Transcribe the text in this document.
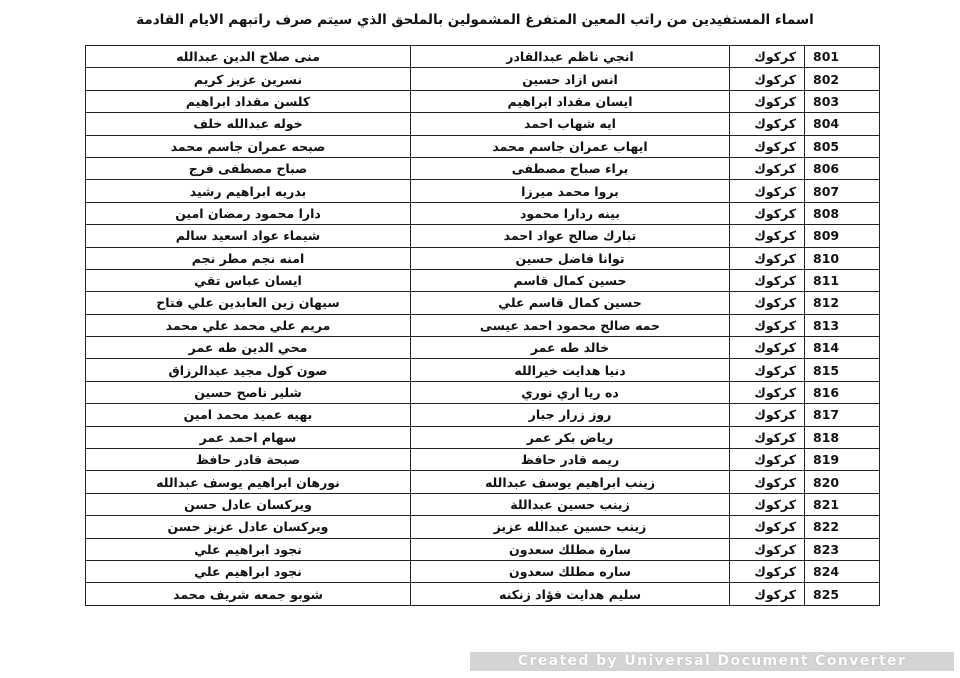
اسماء المستفيدين من راتب المعين المتفرغ المشمولين بالملحق الذي سيتم صرف راتبهم الايام القادمة
801	كركوك	انجي ناظم عبدالقادر	منى صلاح الدين عبدالله
802	كركوك	انس ازاد حسين	نسرين عزيز كريم
803	كركوك	ايسان مقداد ابراهيم	كلسن مقداد ابراهيم
804	كركوك	ايه شهاب احمد	خوله عبدالله خلف
805	كركوك	ايهاب عمران جاسم محمد	صبحه عمران جاسم محمد
806	كركوك	براء صباح مصطفى	صباح مصطفى فرج
807	كركوك	بروا محمد ميرزا	بدريه ابراهيم رشيد
808	كركوك	بينه ردارا محمود	دارا محمود رمضان امين
809	كركوك	تبارك صالح عواد احمد	شيماء عواد اسعيد سالم
810	كركوك	توانا فاضل حسين	امنه نجم مطر نجم
811	كركوك	حسين كمال قاسم	ايسان عباس تقي
812	كركوك	حسين كمال قاسم علي	سيهان زين العابدين علي فتاح
813	كركوك	حمه صالح محمود احمد عيسى	مريم علي محمد علي محمد
814	كركوك	خالد طه عمر	محي الدين طه عمر
815	كركوك	دنيا هدايت خيرالله	صون كول مجيد عبدالرزاق
816	كركوك	ده ريا اري نوري	شلير ناصح حسين
817	كركوك	روز زرار جبار	بهيه عميد محمد امين
818	كركوك	رياض بكر عمر	سهام احمد عمر
819	كركوك	ريمه قادر حافظ	صبحة قادر حافظ
820	كركوك	زينب ابراهيم يوسف عبدالله	نورهان ابراهيم يوسف عبدالله
821	كركوك	زينب حسين عبداللة	ويركسان عادل حسن
822	كركوك	زينب حسين عبدالله عزيز	ويركسان عادل عزيز حسن
823	كركوك	سارة مطلك سعدون	نجود ابراهيم علي
824	كركوك	ساره مطلك سعدون	نجود ابراهيم علي
825	كركوك	سليم هدايت فؤاد زنكنه	شوبو جمعه شريف محمد
Created by Universal Document Converter
